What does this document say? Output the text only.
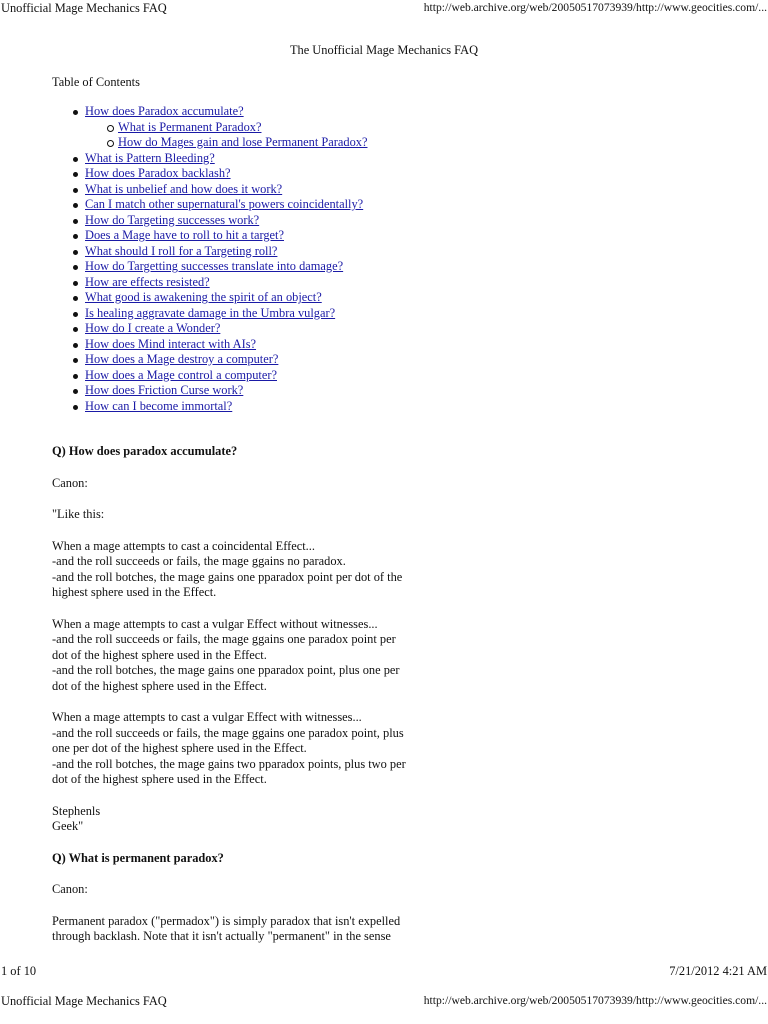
Unofficial Mage Mechanics FAQ	http://web.archive.org/web/20050517073939/http://www.geocities.com/...
The Unofficial Mage Mechanics FAQ
Table of Contents
How does Paradox accumulate?
What is Permanent Paradox?
How do Mages gain and lose Permanent Paradox?
What is Pattern Bleeding?
How does Paradox backlash?
What is unbelief and how does it work?
Can I match other supernatural's powers coincidentally?
How do Targeting successes work?
Does a Mage have to roll to hit a target?
What should I roll for a Targeting roll?
How do Targetting successes translate into damage?
How are effects resisted?
What good is awakening the spirit of an object?
Is healing aggravate damage in the Umbra vulgar?
How do I create a Wonder?
How does Mind interact with AIs?
How does a Mage destroy a computer?
How does a Mage control a computer?
How does Friction Curse work?
How can I become immortal?

Q) How does paradox accumulate?

Canon:

"Like this:

When a mage attempts to cast a coincidental Effect...
-and the roll succeeds or fails, the mage ggains no paradox.
-and the roll botches, the mage gains one pparadox point per dot of the
highest sphere used in the Effect.

When a mage attempts to cast a vulgar Effect without witnesses...
-and the roll succeeds or fails, the mage ggains one paradox point per
dot of the highest sphere used in the Effect.
-and the roll botches, the mage gains one pparadox point, plus one per
dot of the highest sphere used in the Effect.

When a mage attempts to cast a vulgar Effect with witnesses...
-and the roll succeeds or fails, the mage ggains one paradox point, plus
one per dot of the highest sphere used in the Effect.
-and the roll botches, the mage gains two pparadox points, plus two per
dot of the highest sphere used in the Effect.

Stephenls
Geek"

Q) What is permanent paradox?

Canon:

Permanent paradox ("permadox") is simply paradox that isn't expelled
through backlash. Note that it isn't actually "permanent" in the sense

1 of 10	7/21/2012 4:21 AM
Unofficial Mage Mechanics FAQ	http://web.archive.org/web/20050517073939/http://www.geocities.com/...
